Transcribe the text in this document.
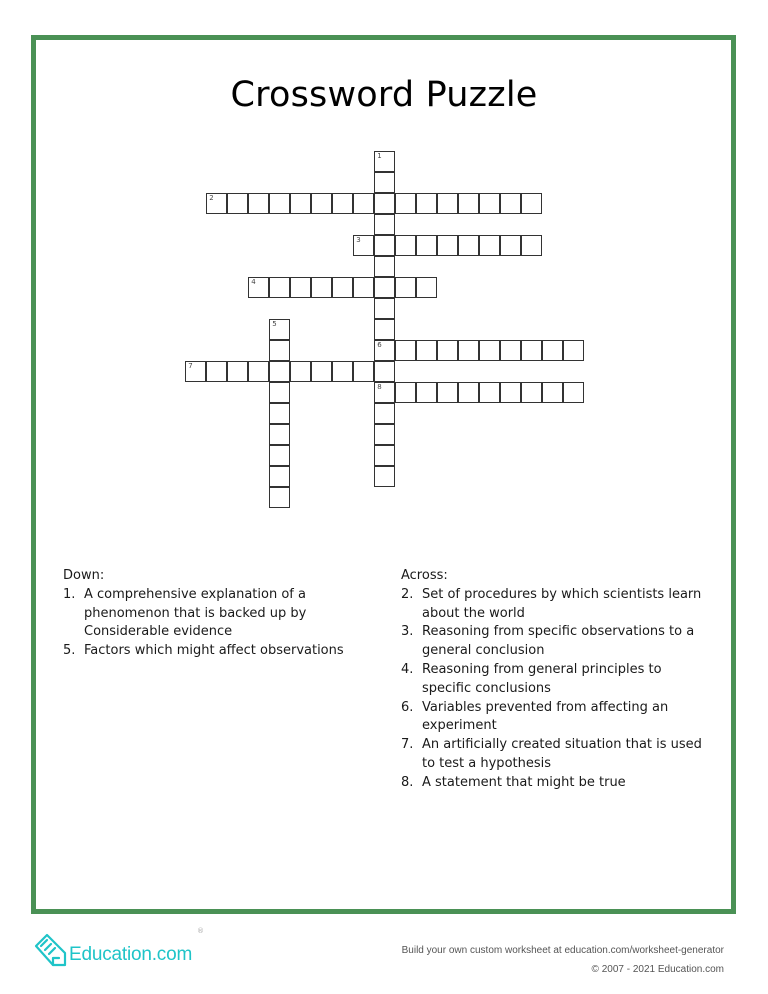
Crossword Puzzle
1
6
8
2
3
4
5
7
Down:
1. A comprehensive explanation of a phenomenon that is backed up by Considerable evidence
5. Factors which might affect observations
Across:
2. Set of procedures by which scientists learn about the world
3. Reasoning from specific observations to a general conclusion
4. Reasoning from general principles to specific conclusions
6. Variables prevented from affecting an experiment
7. An artificially created situation that is used to test a hypothesis
8. A statement that might be true
Education.com
®
Build your own custom worksheet at education.com/worksheet-generator
© 2007 - 2021 Education.com
